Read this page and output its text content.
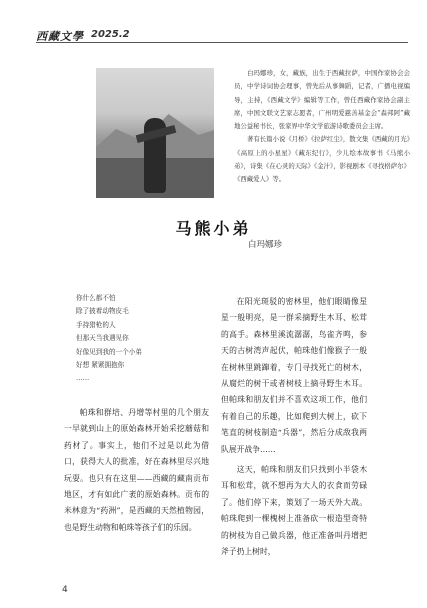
西藏文學 2025.2

白玛娜珍，女，藏族，出生于西藏拉萨，中国作家协会会员，中学诗词协会理事，曾先后从事舞蹈，记者，广播电视编导，主持，《西藏文学》编辑等工作，曾任西藏作家协会副主席，中国文联文艺家志愿者，广州明爱慈善基金会“森邦阿”藏地公益秘书长，张家界中华文学旅游诗歌委员会主席。

著有长篇小说《月桥》《拉萨红尘》，散文集《西藏的月光》《高原上的小星星》《藏东纪行》，少儿绘本故事书《马熊小弟》，诗集《在心灵的天际》《金汁》，影视剧本《寻找格萨尔》《西藏爱人》等。

马熊小弟
白玛娜珍
你什么都不怕
除了披着动物皮毛
手持猎枪的人
但那天当我遇见你
好像见到我的一个小弟
好想 紧紧拥抱你
……

帕珠和群培、丹增等村里的几个朋友一早就到山上的原始森林开始采挖蘑菇和药材了。事实上，他们不过是以此为借口，获得大人的批准，好在森林里尽兴地玩耍。也只有在这里——西藏的藏南贡布地区，才有如此广袤的原始森林。贡布的米林意为“药洲”，是西藏的天然植物园，也是野生动物和帕珠等孩子们的乐园。

在阳光斑驳的密林里，他们眼睛像星星一般明亮，是一群采摘野生木耳、松茸的高手。森林里溪流潺潺，鸟雀齐鸣，参天的古树湾声起伏，帕珠他们像猴子一般在树林里跳蹿着，专门寻找死亡的树木，从腐烂的树干或者树枝上摘寻野生木耳。但帕珠和朋友们并不喜欢这项工作，他们有着自己的乐趣，比如爬到大树上，砍下笔直的树枝制造“兵器”，然后分成敌我两队展开战争……

这天，帕珠和朋友们只找到小半袋木耳和松茸，就不想再为大人的衣食而劳碌了。他们停下来，策划了一场天外大战。帕珠爬到一棵槐树上准备砍一根造型奇特的树枝为自己做兵器，他正准备叫丹增把斧子扔上树时，

4
